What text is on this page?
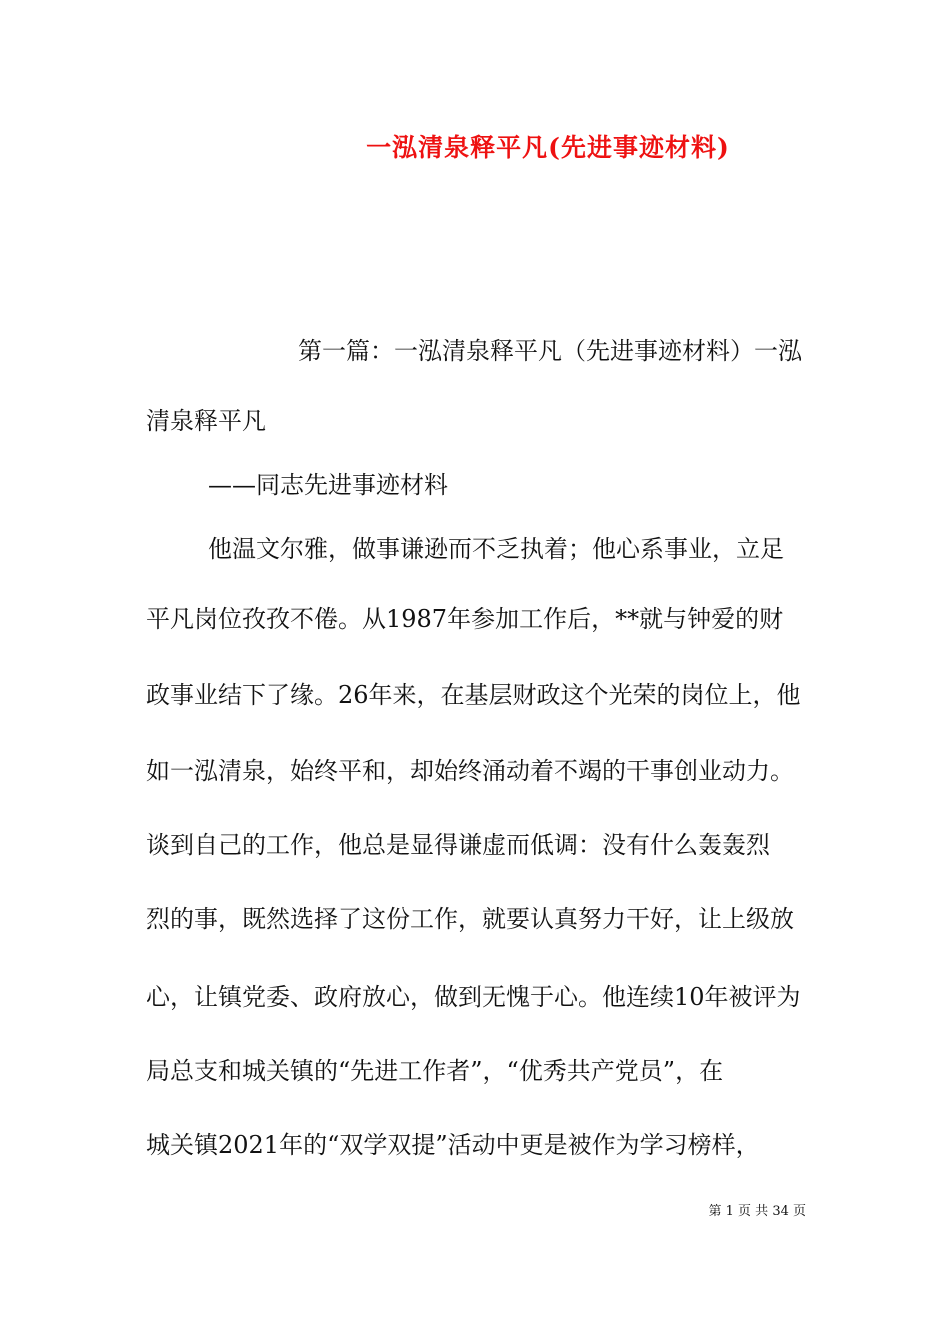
一泓清泉释平凡(先进事迹材料)
第一篇：一泓清泉释平凡（先进事迹材料）一泓
清泉释平凡
——同志先进事迹材料
他温文尔雅，做事谦逊而不乏执着；他心系事业，立足
平凡岗位孜孜不倦。从1987年参加工作后，**就与钟爱的财
政事业结下了缘。26年来，在基层财政这个光荣的岗位上，他
如一泓清泉，始终平和，却始终涌动着不竭的干事创业动力。
谈到自己的工作，他总是显得谦虚而低调：没有什么轰轰烈
烈的事，既然选择了这份工作，就要认真努力干好，让上级放
心，让镇党委、政府放心，做到无愧于心。他连续10年被评为
局总支和城关镇的“先进工作者”，“优秀共产党员”，在
城关镇2021年的“双学双提”活动中更是被作为学习榜样，
第 1 页 共 34 页
